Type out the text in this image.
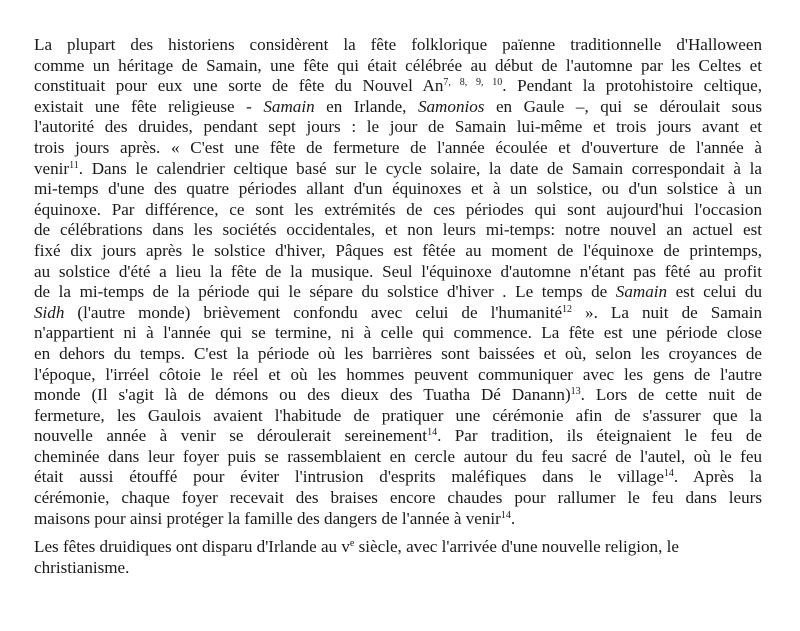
La plupart des historiens considèrent la fête folklorique païenne traditionnelle d'Halloween
comme un héritage de Samain, une fête qui était célébrée au début de l'automne par les Celtes et
constituait pour eux une sorte de fête du Nouvel An$^{7, 8, 9, 10}$. Pendant la protohistoire celtique,
existait une fête religieuse - Samain en Irlande, Samonios en Gaule –, qui se déroulait sous
l'autorité des druides, pendant sept jours : le jour de Samain lui-même et trois jours avant et
trois jours après. « C'est une fête de fermeture de l'année écoulée et d'ouverture de l'année à
venir$^{11}$. Dans le calendrier celtique basé sur le cycle solaire, la date de Samain correspondait à la
mi-temps d'une des quatre périodes allant d'un équinoxes et à un solstice, ou d'un solstice à un
équinoxe. Par différence, ce sont les extrémités de ces périodes qui sont aujourd'hui l'occasion
de célébrations dans les sociétés occidentales, et non leurs mi-temps: notre nouvel an actuel est
fixé dix jours après le solstice d'hiver, Pâques est fêtée au moment de l'équinoxe de printemps,
au solstice d'été a lieu la fête de la musique. Seul l'équinoxe d'automne n'étant pas fêté au profit
de la mi-temps de la période qui le sépare du solstice d'hiver . Le temps de Samain est celui du
Sidh (l'autre monde) brièvement confondu avec celui de l'humanité$^{12}$ ». La nuit de Samain
n'appartient ni à l'année qui se termine, ni à celle qui commence. La fête est une période close
en dehors du temps. C'est la période où les barrières sont baissées et où, selon les croyances de
l'époque, l'irréel côtoie le réel et où les hommes peuvent communiquer avec les gens de l'autre
monde (Il s'agit là de démons ou des dieux des Tuatha Dé Danann)$^{13}$. Lors de cette nuit de
fermeture, les Gaulois avaient l'habitude de pratiquer une cérémonie afin de s'assurer que la
nouvelle année à venir se déroulerait sereinement$^{14}$. Par tradition, ils éteignaient le feu de
cheminée dans leur foyer puis se rassemblaient en cercle autour du feu sacré de l'autel, où le feu
était aussi étouffé pour éviter l'intrusion d'esprits maléfiques dans le village$^{14}$. Après la
cérémonie, chaque foyer recevait des braises encore chaudes pour rallumer le feu dans leurs
maisons pour ainsi protéger la famille des dangers de l'année à venir$^{14}$.
Les fêtes druidiques ont disparu d'Irlande au $v^e$ siècle, avec l'arrivée d'une nouvelle religion, le
christianisme.
